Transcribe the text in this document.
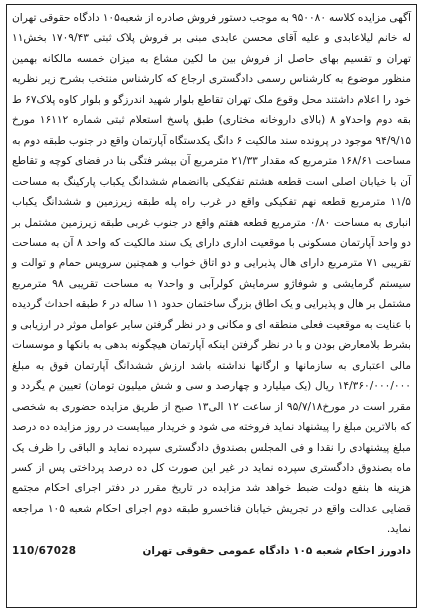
آگهی مزایده کلاسه ۹۵۰۰۸۰ به موجب دستور فروش صادره از شعبه۱۰۵ دادگاه حقوقی تهران له خانم لیلاعابدی و علیه آقای محسن عابدی مبنی بر فروش پلاک ثبتی ۱۷۰۹/۴۳ بخش۱۱ تهران و تقسیم بهای حاصل از فروش بین ما لکین مشاع به میزان خمسه مالکانه بهمین منظور موضوع به کارشناس رسمی دادگستری ارجاع که کارشناس منتخب بشرح زیر نظریه خود را اعلام داشتند محل وقوع ملک تهران تقاطع بلوار شهید اندرزگو و بلوار کاوه پلاک۶۷ ط بقه دوم واحد۷و ۸ (بالای داروخانه مختاری) طبق پاسخ استعلام ثبتی شماره ۱۶۱۱۲ مورخ ۹۴/۹/۱۵ موجود در پرونده سند مالکیت ۶ دانگ یکدستگاه آپارتمان واقع در جنوب طبقه دوم به مساحت ۱۶۸/۶۱ مترمربع که مقدار ۲۱/۳۳ مترمربع آن بیشر فتگی بنا در فضای کوچه و تقاطع آن با خیابان اصلی است قطعه هشتم تفکیکی باانضمام ششدانگ یکباب پارکینگ به مساحت ۱۱/۵ مترمربع قطعه نهم تفکیکی واقع در غرب راه پله طبقه زیرزمین و ششدانگ یکباب انباری به مساحت ۰/۸۰ مترمربع قطعه هفتم واقع در جنوب غربی طبقه زیرزمین مشتمل بر دو واحد آپارتمان مسکونی با موقعیت اداری دارای یک سند مالکیت که واحد ۸ آن به مساحت تقریبی ۷۱ مترمربع دارای هال پذیرایی و دو اتاق خواب و همچنین سرویس حمام و توالت و سیستم گرمایشی و شوفاژو سرمایش کولرآبی و واحد۷ به مساحت تقریبی ۹۸ مترمربع مشتمل بر هال و پذیرایی و یک اطاق بزرگ ساختمان حدود ۱۱ ساله در ۶ طبقه احداث گردیده با عنایت به موقعیت فعلی منطقه ای و مکانی و در نظر گرفتن سایر عوامل موثر در ارزیابی و بشرط بلامعارض بودن و با در نظر گرفتن اینکه آپارتمان هیچگونه بدهی به بانکها و موسسات مالی اعتباری به سازمانها و ارگانها نداشته باشد ارزش ششدانگ آپارتمان فوق به مبلغ ۱۴/۳۶۰/۰۰۰/۰۰۰ ریال (یک میلیارد و چهارصد و سی و شش میلیون تومان) تعیین م یگردد و مقرر است در مورخ۹۵/۷/۱۸ از ساعت ۱۲ الی۱۳ صبح از طریق مزایده حضوری به شخصی که بالاترین مبلغ را پیشنهاد نماید فروخته می شود و خریدار میبایست در روز مزایده ده درصد مبلغ پیشنهادی را نقدا و فی المجلس بصندوق دادگستری سپرده نماید و الباقی را ظرف یک ماه بصندوق دادگستری سپرده نماید در غیر این صورت کل ده درصد پرداختی پس از کسر هزینه ها بنفع دولت ضبط خواهد شد مزایده در تاریخ مقرر در دفتر اجرای احکام مجتمع قضایی عدالت واقع در تجریش خیابان فناخسرو طبقه دوم اجرای احکام شعبه ۱۰۵ مراجعه نماید.

دادورز احکام شعبه ۱۰۵ دادگاه عمومی حقوقی تهران
110/67028
